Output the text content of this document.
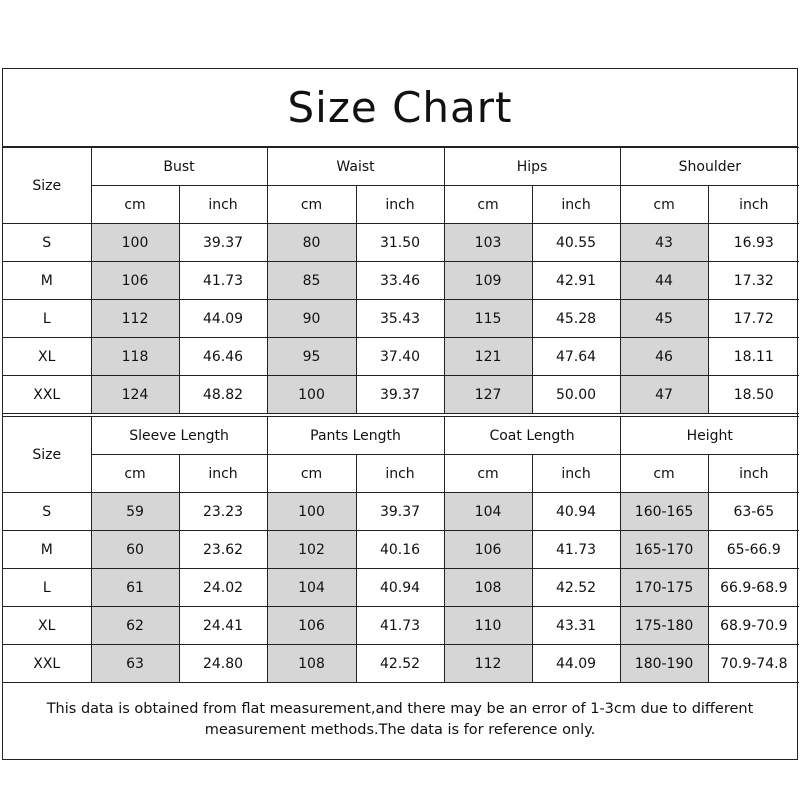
Size Chart
Size	Bust		Waist		Hips		Shoulder	
	cm	inch	cm	inch	cm	inch	cm	inch
S	100	39.37	80	31.50	103	40.55	43	16.93
M	106	41.73	85	33.46	109	42.91	44	17.32
L	112	44.09	90	35.43	115	45.28	45	17.72
XL	118	46.46	95	37.40	121	47.64	46	18.11
XXL	124	48.82	100	39.37	127	50.00	47	18.50
Size	Sleeve Length		Pants Length		Coat Length		Height	
	cm	inch	cm	inch	cm	inch	cm	inch
S	59	23.23	100	39.37	104	40.94	160-165	63-65
M	60	23.62	102	40.16	106	41.73	165-170	65-66.9
L	61	24.02	104	40.94	108	42.52	170-175	66.9-68.9
XL	62	24.41	106	41.73	110	43.31	175-180	68.9-70.9
XXL	63	24.80	108	42.52	112	44.09	180-190	70.9-74.8
This data is obtained from flat measurement,and there may be an error of 1-3cm due to different measurement methods.The data is for reference only.
